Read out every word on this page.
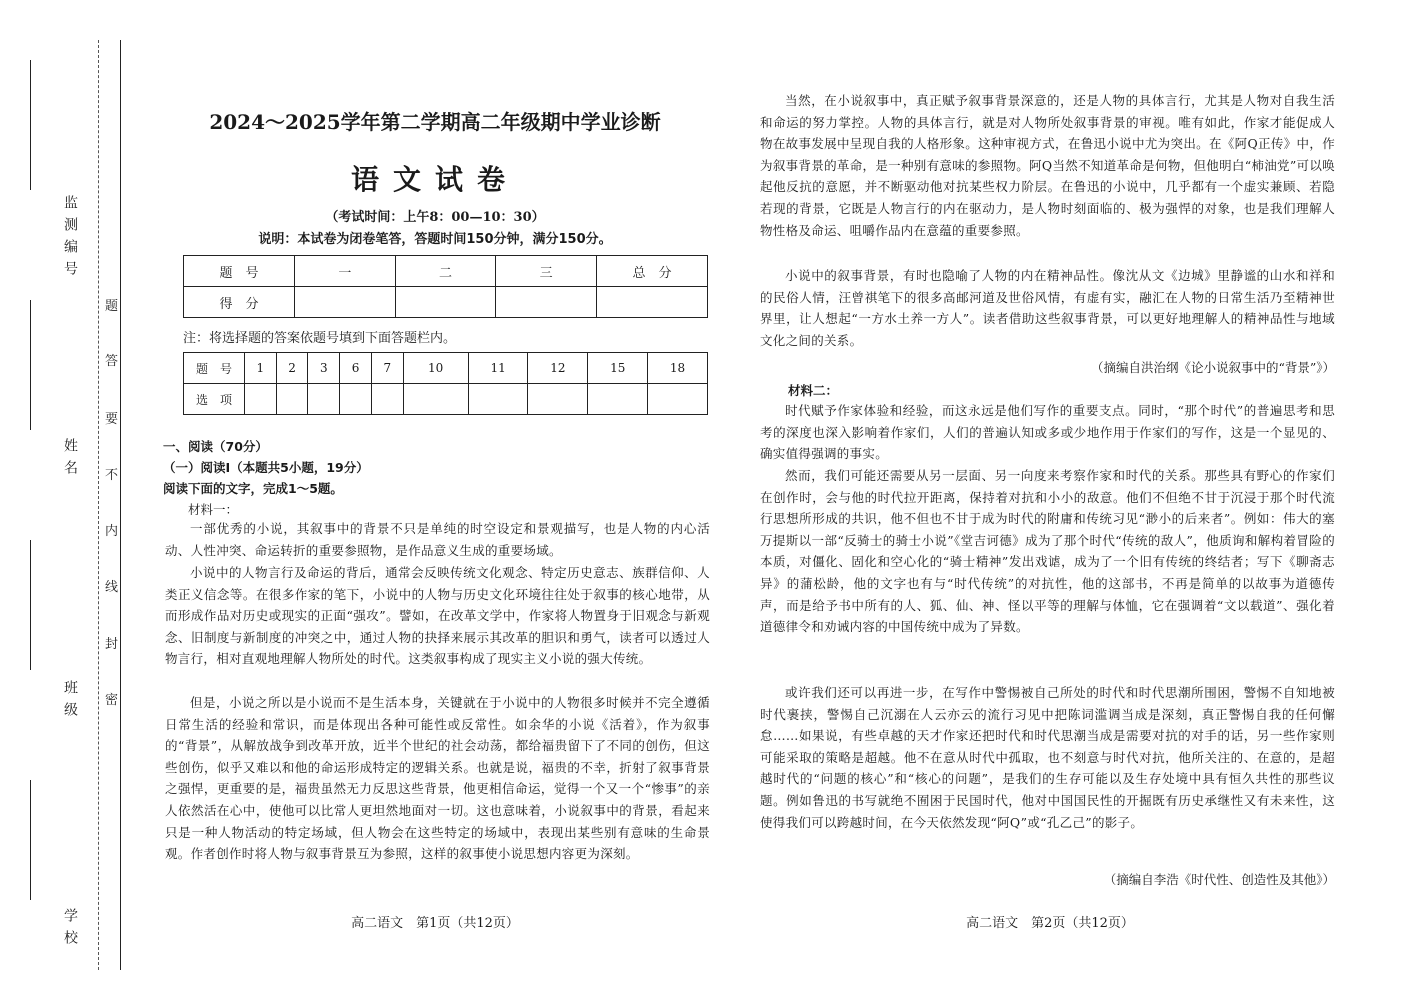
监测编号
姓名
班级
学校
题
答
要
不
内
线
封
密
2024～2025学年第二学期高二年级期中学业诊断
语文试卷
（考试时间：上午8：00—10：30）
说明：本试卷为闭卷笔答，答题时间150分钟，满分150分。
题　号	一	二	三	总　分
得　分				
注：将选择题的答案依题号填到下面答题栏内。
题　号	1	2	3	6	7	10	11	12	15	18
选　项										
一、阅读（70分）
（一）阅读Ⅰ（本题共5小题，19分）
阅读下面的文字，完成1～5题。
材料一：

一部优秀的小说，其叙事中的背景不只是单纯的时空设定和景观描写，也是人物的内心活动、人性冲突、命运转折的重要参照物，是作品意义生成的重要场域。

小说中的人物言行及命运的背后，通常会反映传统文化观念、特定历史意志、族群信仰、人类正义信念等。在很多作家的笔下，小说中的人物与历史文化环境往往处于叙事的核心地带，从而形成作品对历史或现实的正面“强攻”。譬如，在改革文学中，作家将人物置身于旧观念与新观念、旧制度与新制度的冲突之中，通过人物的抉择来展示其改革的胆识和勇气，读者可以透过人物言行，相对直观地理解人物所处的时代。这类叙事构成了现实主义小说的强大传统。

但是，小说之所以是小说而不是生活本身，关键就在于小说中的人物很多时候并不完全遵循日常生活的经验和常识，而是体现出各种可能性或反常性。如余华的小说《活着》，作为叙事的“背景”，从解放战争到改革开放，近半个世纪的社会动荡，都给福贵留下了不同的创伤，但这些创伤，似乎又难以和他的命运形成特定的逻辑关系。也就是说，福贵的不幸，折射了叙事背景之强悍，更重要的是，福贵虽然无力反思这些背景，他更相信命运，觉得一个又一个“惨事”的亲人依然活在心中，使他可以比常人更坦然地面对一切。这也意味着，小说叙事中的背景，看起来只是一种人物活动的特定场域，但人物会在这些特定的场域中，表现出某些别有意味的生命景观。作者创作时将人物与叙事背景互为参照，这样的叙事使小说思想内容更为深刻。

高二语文　第1页（共12页）

当然，在小说叙事中，真正赋予叙事背景深意的，还是人物的具体言行，尤其是人物对自我生活和命运的努力掌控。人物的具体言行，就是对人物所处叙事背景的审视。唯有如此，作家才能促成人物在故事发展中呈现自我的人格形象。这种审视方式，在鲁迅小说中尤为突出。在《阿Q正传》中，作为叙事背景的革命，是一种别有意味的参照物。阿Q当然不知道革命是何物，但他明白“柿油党”可以唤起他反抗的意愿，并不断驱动他对抗某些权力阶层。在鲁迅的小说中，几乎都有一个虚实兼顾、若隐若现的背景，它既是人物言行的内在驱动力，是人物时刻面临的、极为强悍的对象，也是我们理解人物性格及命运、咀嚼作品内在意蕴的重要参照。

小说中的叙事背景，有时也隐喻了人物的内在精神品性。像沈从文《边城》里静谧的山水和祥和的民俗人情，汪曾祺笔下的很多高邮河道及世俗风情，有虚有实，融汇在人物的日常生活乃至精神世界里，让人想起“一方水土养一方人”。读者借助这些叙事背景，可以更好地理解人的精神品性与地域文化之间的关系。

（摘编自洪治纲《论小说叙事中的“背景”》）
材料二：

时代赋予作家体验和经验，而这永远是他们写作的重要支点。同时，“那个时代”的普遍思考和思考的深度也深入影响着作家们，人们的普遍认知或多或少地作用于作家们的写作，这是一个显见的、确实值得强调的事实。

然而，我们可能还需要从另一层面、另一向度来考察作家和时代的关系。那些具有野心的作家们在创作时，会与他的时代拉开距离，保持着对抗和小小的敌意。他们不但绝不甘于沉浸于那个时代流行思想所形成的共识，他不但也不甘于成为时代的附庸和传统习见“渺小的后来者”。例如：伟大的塞万提斯以一部“反骑士的骑士小说”《堂吉诃德》成为了那个时代“传统的敌人”，他质询和解构着冒险的本质，对僵化、固化和空心化的“骑士精神”发出戏谑，成为了一个旧有传统的终结者；写下《聊斋志异》的蒲松龄，他的文字也有与“时代传统”的对抗性，他的这部书，不再是简单的以故事为道德传声，而是给予书中所有的人、狐、仙、神、怪以平等的理解与体恤，它在强调着“文以载道”、强化着道德律令和劝诫内容的中国传统中成为了异数。

或许我们还可以再进一步，在写作中警惕被自己所处的时代和时代思潮所围困，警惕不自知地被时代裹挟，警惕自己沉溺在人云亦云的流行习见中把陈词滥调当成是深刻，真正警惕自我的任何懈怠……如果说，有些卓越的天才作家还把时代和时代思潮当成是需要对抗的对手的话，另一些作家则可能采取的策略是超越。他不在意从时代中孤取，也不刻意与时代对抗，他所关注的、在意的，是超越时代的“问题的核心”和“核心的问题”，是我们的生存可能以及生存处境中具有恒久共性的那些议题。例如鲁迅的书写就绝不囿困于民国时代，他对中国国民性的开掘既有历史承继性又有未来性，这使得我们可以跨越时间，在今天依然发现“阿Q”或“孔乙己”的影子。

（摘编自李浩《时代性、创造性及其他》）
高二语文　第2页（共12页）
